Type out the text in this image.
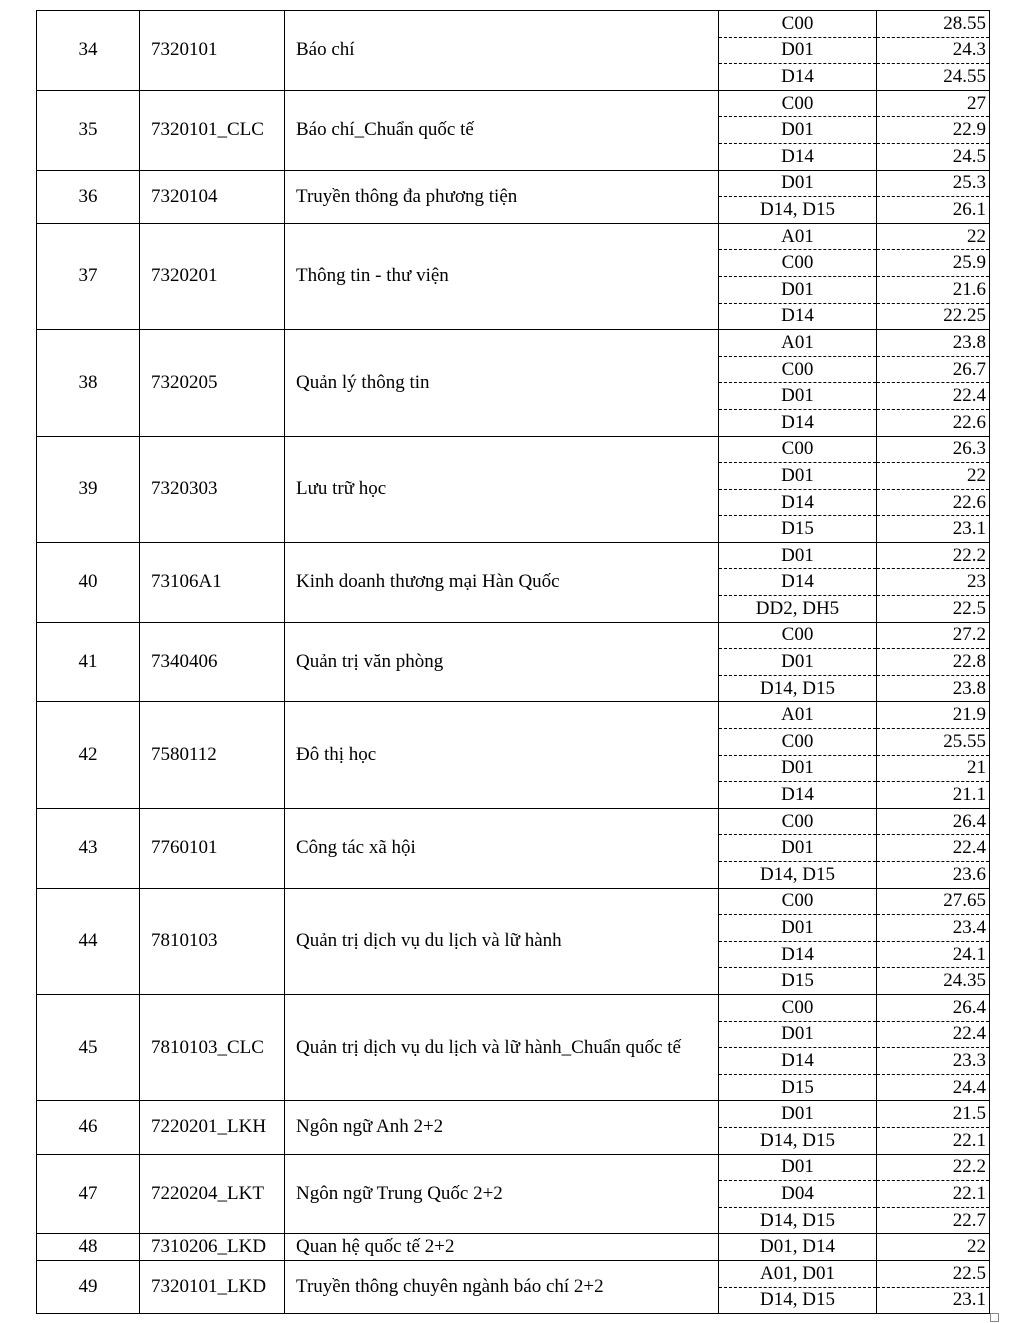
34	7320101	Báo chí	C00	28.55
			D01	24.3
			D14	24.55
35	7320101_CLC	Báo chí_Chuẩn quốc tế	C00	27
			D01	22.9
			D14	24.5
36	7320104	Truyền thông đa phương tiện	D01	25.3
			D14, D15	26.1
37	7320201	Thông tin - thư viện	A01	22
			C00	25.9
			D01	21.6
			D14	22.25
38	7320205	Quản lý thông tin	A01	23.8
			C00	26.7
			D01	22.4
			D14	22.6
39	7320303	Lưu trữ học	C00	26.3
			D01	22
			D14	22.6
			D15	23.1
40	73106A1	Kinh doanh thương mại Hàn Quốc	D01	22.2
			D14	23
			DD2, DH5	22.5
41	7340406	Quản trị văn phòng	C00	27.2
			D01	22.8
			D14, D15	23.8
42	7580112	Đô thị học	A01	21.9
			C00	25.55
			D01	21
			D14	21.1
43	7760101	Công tác xã hội	C00	26.4
			D01	22.4
			D14, D15	23.6
44	7810103	Quản trị dịch vụ du lịch và lữ hành	C00	27.65
			D01	23.4
			D14	24.1
			D15	24.35
45	7810103_CLC	Quản trị dịch vụ du lịch và lữ hành_Chuẩn quốc tế	C00	26.4
			D01	22.4
			D14	23.3
			D15	24.4
46	7220201_LKH	Ngôn ngữ Anh 2+2	D01	21.5
			D14, D15	22.1
47	7220204_LKT	Ngôn ngữ Trung Quốc 2+2	D01	22.2
			D04	22.1
			D14, D15	22.7
48	7310206_LKD	Quan hệ quốc tế 2+2	D01, D14	22
49	7320101_LKD	Truyền thông chuyên ngành báo chí 2+2	A01, D01	22.5
			D14, D15	23.1
